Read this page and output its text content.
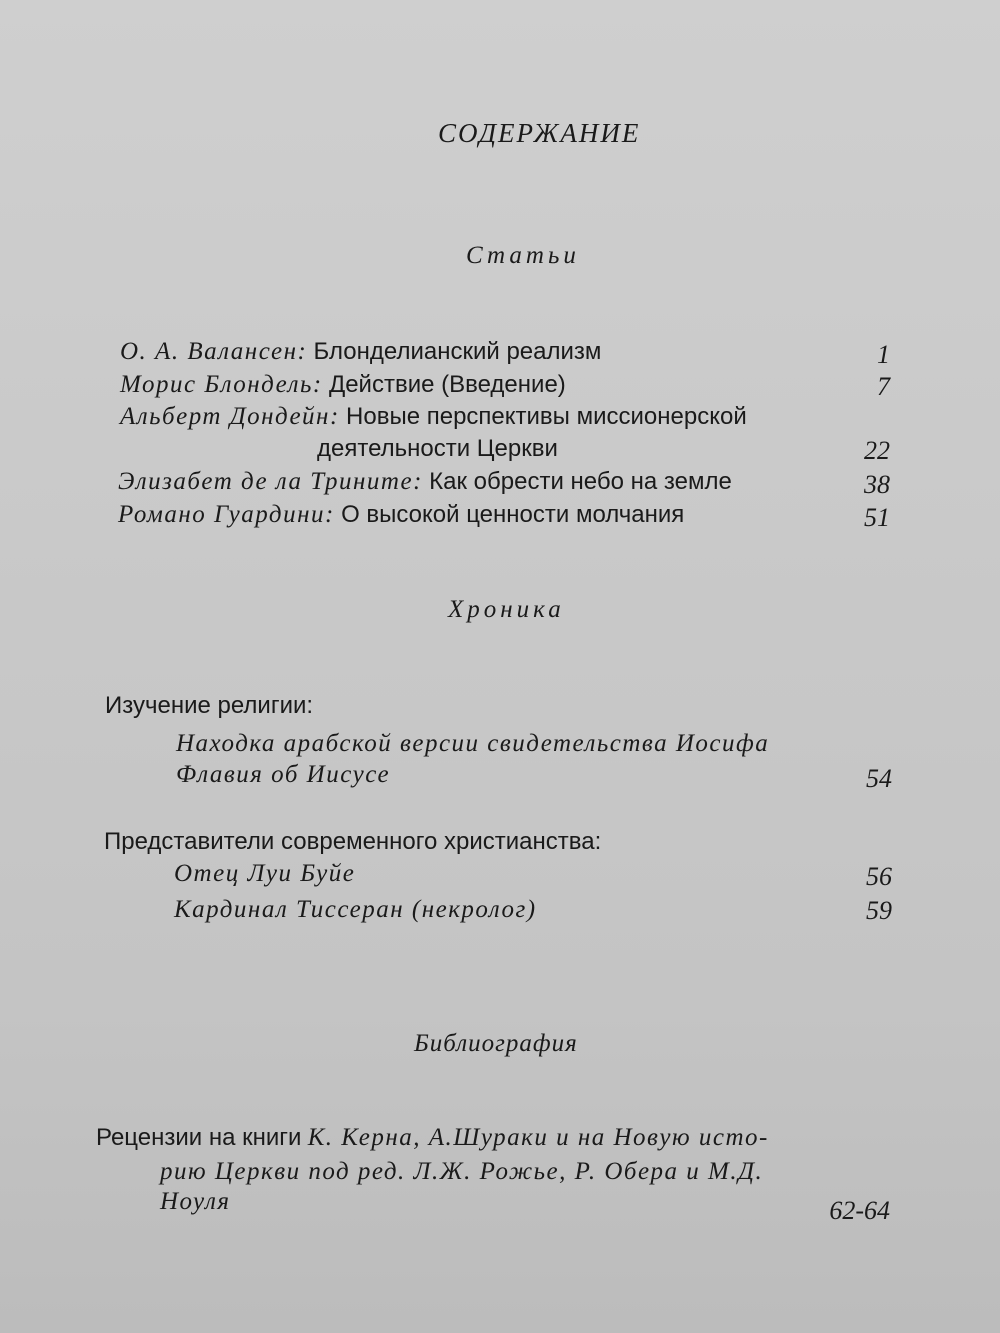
СОДЕРЖАНИЕ
Статьи
О. А. Валансен: Блонделианский реализм	1
Морис Блондель: Действие (Введение)	7
Альберт Дондейн: Новые перспективы миссионерской
деятельности Церкви	22
Элизабет де ла Трините: Как обрести небо на земле	38
Романо Гуардини: О высокой ценности молчания	51
Хроника
Изучение религии:
Находка арабской версии свидетельства Иосифа
Флавия об Иисусе	54
Представители современного христианства:
Отец Луи Буйе	56
Кардинал Тиссеран (некролог)	59
Библиография
Рецензии на книги К. Керна, А.Шураки и на Новую исто-
рию Церкви под ред. Л.Ж. Рожье, Р. Обера и М.Д.
Ноуля	62-64
